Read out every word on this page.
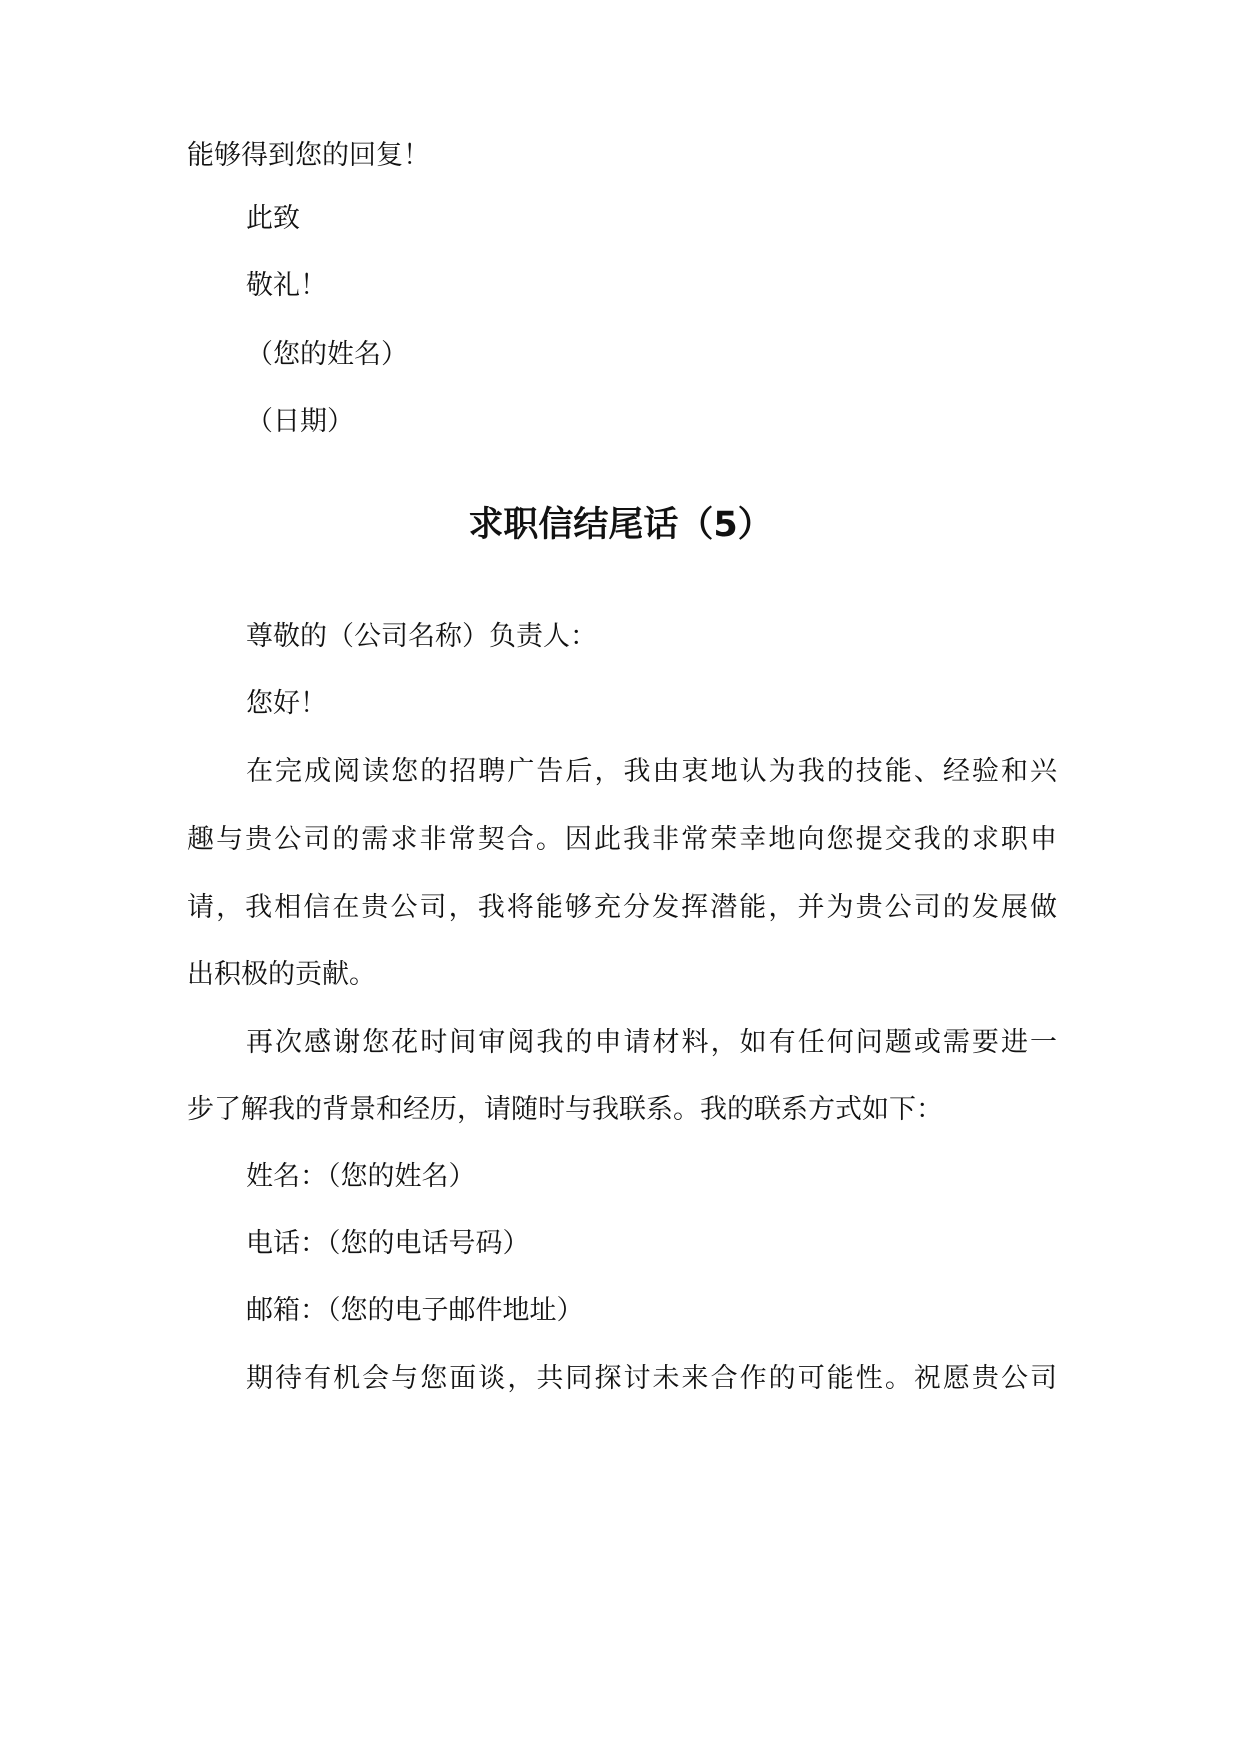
能够得到您的回复！
此致
敬礼！
（您的姓名）
（日期）
求职信结尾话（5）
尊敬的（公司名称）负责人：
您好！
在完成阅读您的招聘广告后，我由衷地认为我的技能、经验和兴
趣与贵公司的需求非常契合。因此我非常荣幸地向您提交我的求职申
请，我相信在贵公司，我将能够充分发挥潜能，并为贵公司的发展做
出积极的贡献。
再次感谢您花时间审阅我的申请材料，如有任何问题或需要进一
步了解我的背景和经历，请随时与我联系。我的联系方式如下：
姓名：（您的姓名）
电话：（您的电话号码）
邮箱：（您的电子邮件地址）
期待有机会与您面谈，共同探讨未来合作的可能性。祝愿贵公司
